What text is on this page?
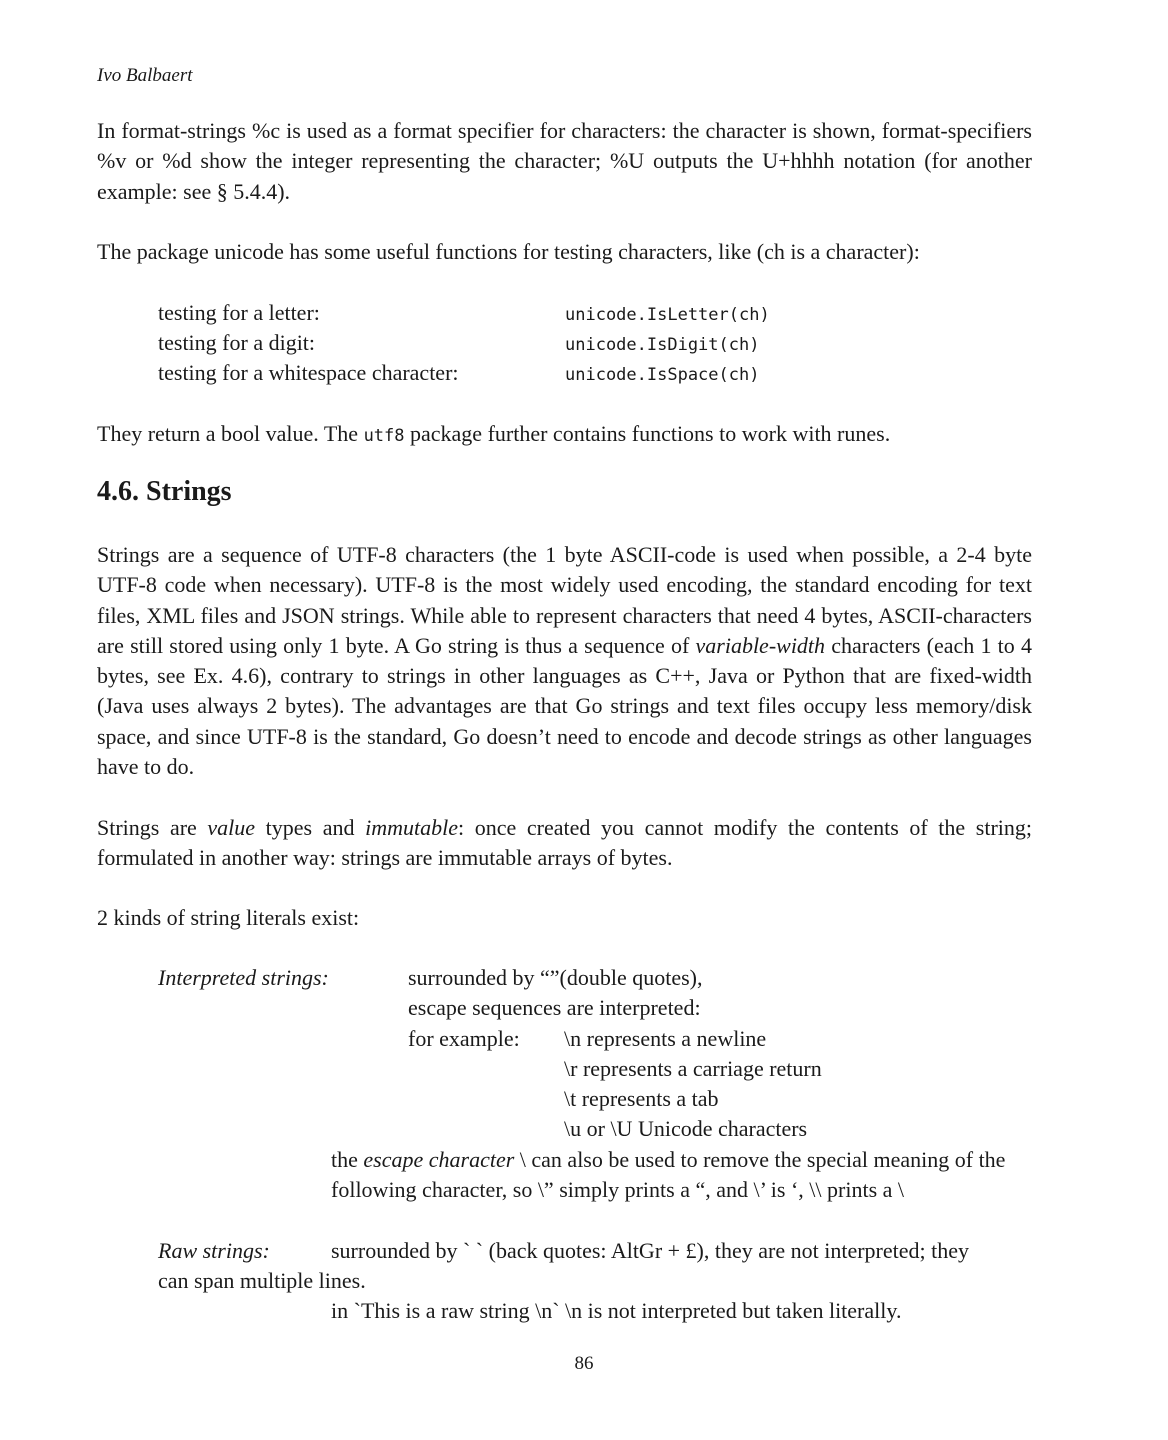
Ivo Balbaert

In format-strings %c is used as a format specifier for characters: the character is shown, format-specifiers %v or %d show the integer representing the character; %U outputs the U+hhhh notation (for another example: see § 5.4.4).

The package unicode has some useful functions for testing characters, like (ch is a character):

testing for a letter:	unicode.IsLetter(ch)
testing for a digit:	unicode.IsDigit(ch)
testing for a whitespace character:	unicode.IsSpace(ch)

They return a bool value. The utf8 package further contains functions to work with runes.

4.6. Strings

Strings are a sequence of UTF-8 characters (the 1 byte ASCII-code is used when possible, a 2-4 byte UTF-8 code when necessary). UTF-8 is the most widely used encoding, the standard encoding for text files, XML files and JSON strings. While able to represent characters that need 4 bytes, ASCII-characters are still stored using only 1 byte. A Go string is thus a sequence of variable-width characters (each 1 to 4 bytes, see Ex. 4.6), contrary to strings in other languages as C++, Java or Python that are fixed-width (Java uses always 2 bytes). The advantages are that Go strings and text files occupy less memory/disk space, and since UTF-8 is the standard, Go doesn’t need to encode and decode strings as other languages have to do.

Strings are value types and immutable: once created you cannot modify the contents of the string; formulated in another way: strings are immutable arrays of bytes.

2 kinds of string literals exist:

Interpreted strings:	surrounded by “”(double quotes),
escape sequences are interpreted:
for example: \n represents a newline
\r represents a carriage return
\t represents a tab
\u or \U Unicode characters
the escape character \ can also be used to remove the special meaning of the
following character, so \” simply prints a “, and \’ is ‘, \\ prints a \
Raw strings:	surrounded by ` ` (back quotes: AltGr + £), they are not interpreted; they
can span multiple lines.
in `This is a raw string \n` \n is not interpreted but taken literally.
86
